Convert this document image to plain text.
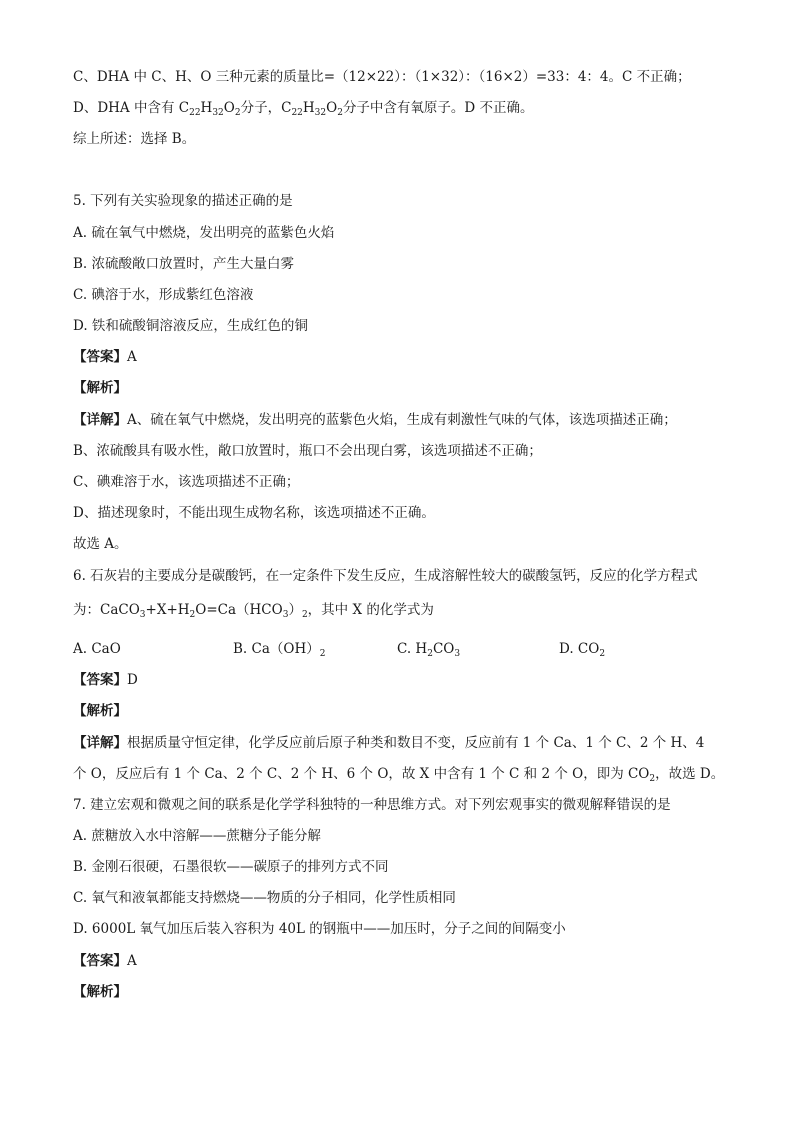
C、DHA 中 C、H、O 三种元素的质量比=（12×22）：（1×32）：（16×2）=33：4：4。C 不正确；
D、DHA 中含有 $C_{22}H_{32}O_2$分子，$C_{22}H_{32}O_2$分子中含有氧原子。D 不正确。
综上所述：选择 B。
5. 下列有关实验现象的描述正确的是
A. 硫在氧气中燃烧，发出明亮的蓝紫色火焰
B. 浓硫酸敞口放置时，产生大量白雾
C. 碘溶于水，形成紫红色溶液
D. 铁和硫酸铜溶液反应，生成红色的铜
【答案】A
【解析】
【详解】A、硫在氧气中燃烧，发出明亮的蓝紫色火焰，生成有刺激性气味的气体，该选项描述正确；
B、浓硫酸具有吸水性，敞口放置时，瓶口不会出现白雾，该选项描述不正确；
C、碘难溶于水，该选项描述不正确；
D、描述现象时，不能出现生成物名称，该选项描述不正确。
故选 A。
6. 石灰岩的主要成分是碳酸钙，在一定条件下发生反应，生成溶解性较大的碳酸氢钙，反应的化学方程式
为：$CaCO_3+X+H_2O=Ca(HCO_3)_2$，其中 X 的化学式为
A. CaO	B. $Ca(OH)_2$	C. $H_2CO_3$	D. $CO_2$
【答案】D
【解析】
【详解】根据质量守恒定律，化学反应前后原子种类和数目不变，反应前有 1 个 Ca、1 个 C、2 个 H、4
个 O，反应后有 1 个 Ca、2 个 C、2 个 H、6 个 O，故 X 中含有 1 个 C 和 2 个 O，即为 $CO_2$，故选 D。
7. 建立宏观和微观之间的联系是化学学科独特的一种思维方式。对下列宏观事实的微观解释错误的是
A. 蔗糖放入水中溶解——蔗糖分子能分解
B. 金刚石很硬，石墨很软——碳原子的排列方式不同
C. 氧气和液氧都能支持燃烧——物质的分子相同，化学性质相同
D. 6000L 氧气加压后装入容积为 40L 的钢瓶中——加压时，分子之间的间隔变小
【答案】A
【解析】
